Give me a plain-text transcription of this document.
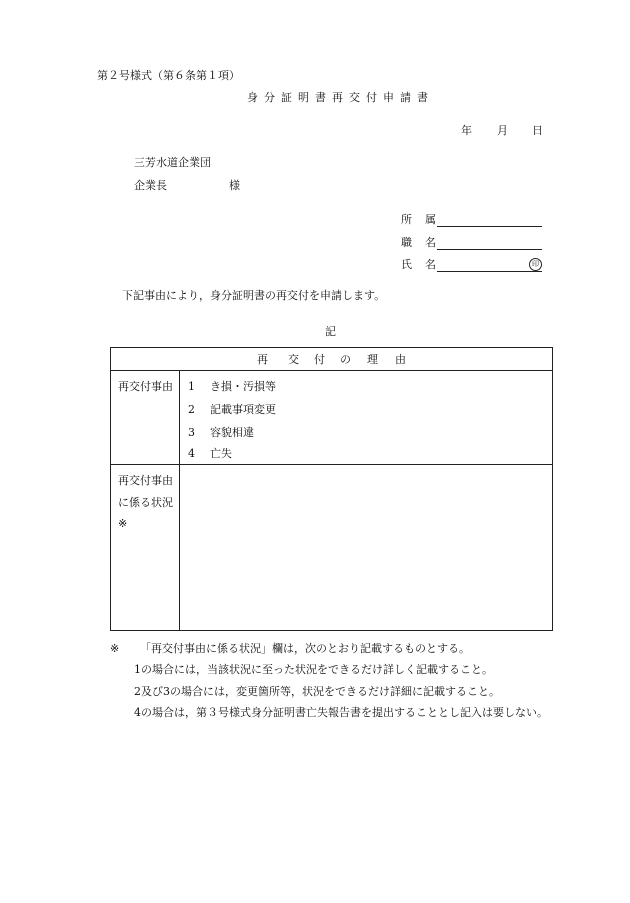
第２号様式（第６条第１項）
身 分 証 明 書 再 交 付 申 請 書
年 月 日
三芳水道企業団
企業長	様
所 属
職 名
氏 名	印
下記事由により，身分証明書の再交付を申請します。
記
再 交 付 の 理 由
再交付事由 1 き損・汚損等
2 記載事項変更
3 容貌相違
4 亡失
再交付事由
に係る状況
※
※ 「再交付事由に係る状況」欄は，次のとおり記載するものとする。
1の場合には，当該状況に至った状況をできるだけ詳しく記載すること。
2及び3の場合には，変更箇所等，状況をできるだけ詳細に記載すること。
4の場合は，第３号様式身分証明書亡失報告書を提出することとし記入は要しない。
